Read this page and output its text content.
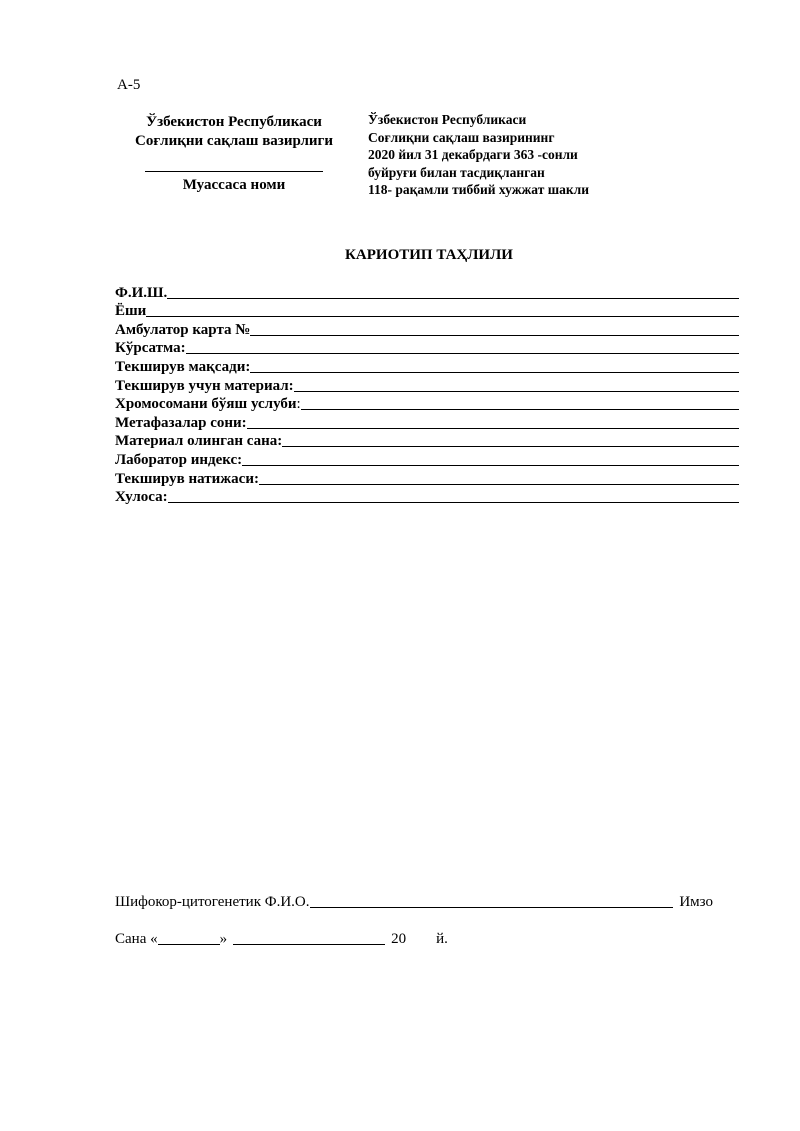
А-5
Ўзбекистон Республикаси
Соғлиқни сақлаш вазирлиги
Муассаса номи
Ўзбекистон Республикаси
Соғлиқни сақлаш вазирининг
2020 йил 31 декабрдаги 363 -сонли
буйруғи билан тасдиқланган
118- рақамли тиббий хужжат шакли
КАРИОТИП ТАҲЛИЛИ
Ф.И.Ш.
Ёши
Амбулатор карта №
Кўрсатма:
Текширув мақсади:
Текширув учун материал:
Хромосомани бўяш услуби:
Метафазалар сони:
Материал олинган сана:
Лаборатор индекс:
Текширув натижаси:
Хулоса:
Шифокор-цитогенетик Ф.И.О.	Имзо
Сана «	»	20 й.
